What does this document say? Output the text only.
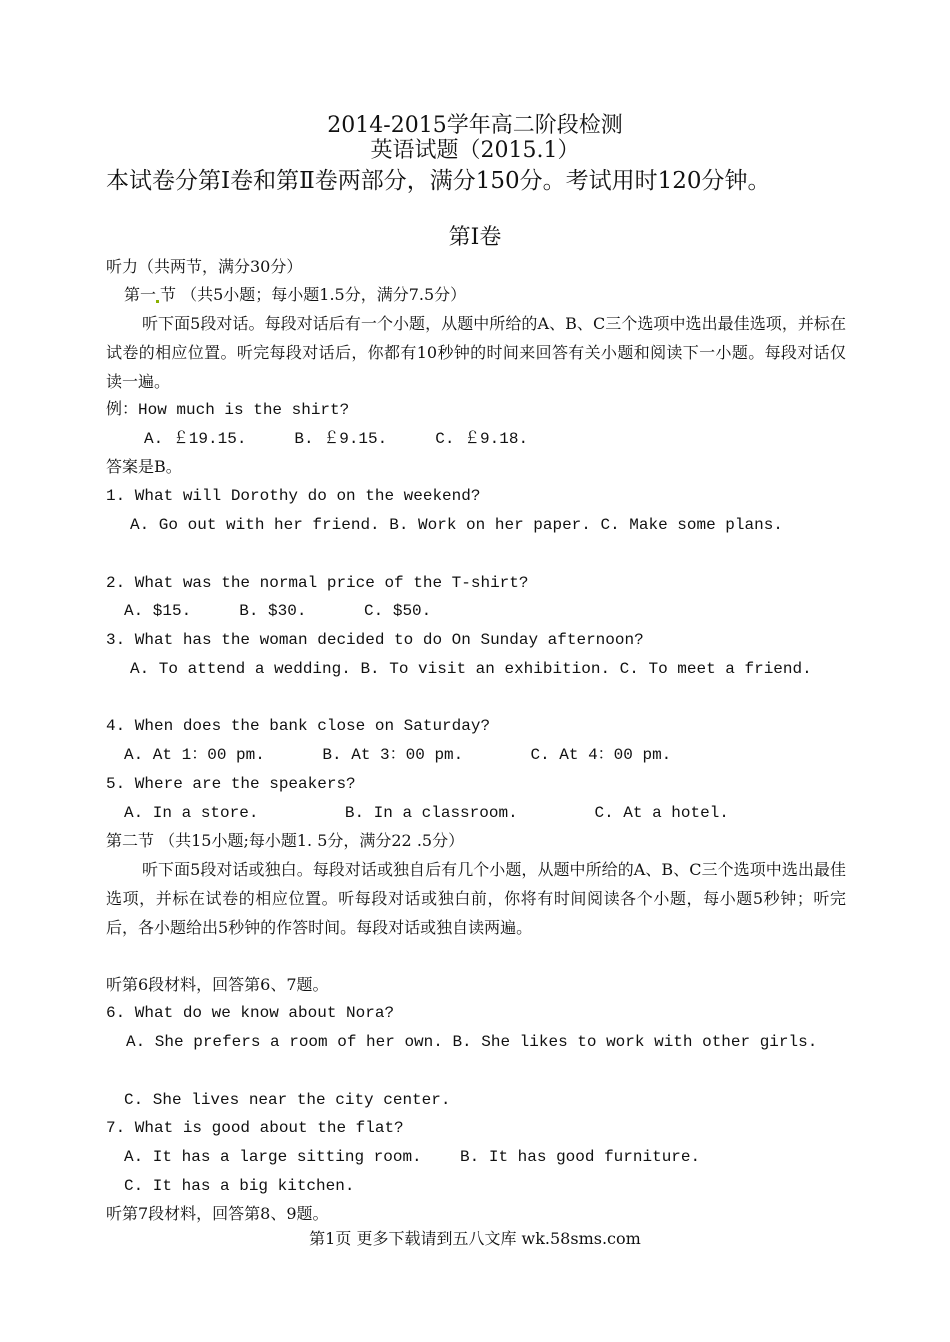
2014-2015学年高二阶段检测
英语试题（2015.1）
本试卷分第Ⅰ卷和第Ⅱ卷两部分，满分150分。考试用时120分钟。
第Ⅰ卷
听力（共两节，满分30分）
第一 节 （共5小题；每小题1.5分，满分7.5分）
听下面5段对话。每段对话后有一个小题，从题中所给的A、B、C三个选项中选出最佳选项，并标在试卷的相应位置。听完每段对话后，你都有10秒钟的时间来回答有关小题和阅读下一小题。每段对话仅读一遍。
例：How much is the shirt?
A. ￡19.15.     B. ￡9.15.     C. ￡9.18.
答案是B。
1. What will Dorothy do on the weekend?
A. Go out with her friend. B. Work on her paper. C. Make some plans.
2. What was the normal price of the T-shirt?
A. $15.     B. $30.      C. $50.
3. What has the woman decided to do On Sunday afternoon?
A. To attend a wedding. B. To visit an exhibition. C. To meet a friend.
4. When does the bank close on Saturday?
A. At 1：00 pm.      B. At 3：00 pm.       C. At 4：00 pm.
5. Where are the speakers?
A. In a store.         B. In a classroom.        C. At a hotel.
第二节 （共15小题;每小题1. 5分，满分22 .5分）
听下面5段对话或独白。每段对话或独自后有几个小题，从题中所给的A、B、C三个选项中选出最佳选项，并标在试卷的相应位置。听每段对话或独白前，你将有时间阅读各个小题，每小题5秒钟；听完后，各小题给出5秒钟的作答时间。每段对话或独自读两遍。
听第6段材料，回答第6、7题。
6. What do we know about Nora?
A. She prefers a room of her own. B. She likes to work with other girls.
C. She lives near the city center.
7. What is good about the flat?
A. It has a large sitting room.    B. It has good furniture.
C. It has a big kitchen.
听第7段材料，回答第8、9题。
第1页 更多下载请到五八文库 wk.58sms.com
